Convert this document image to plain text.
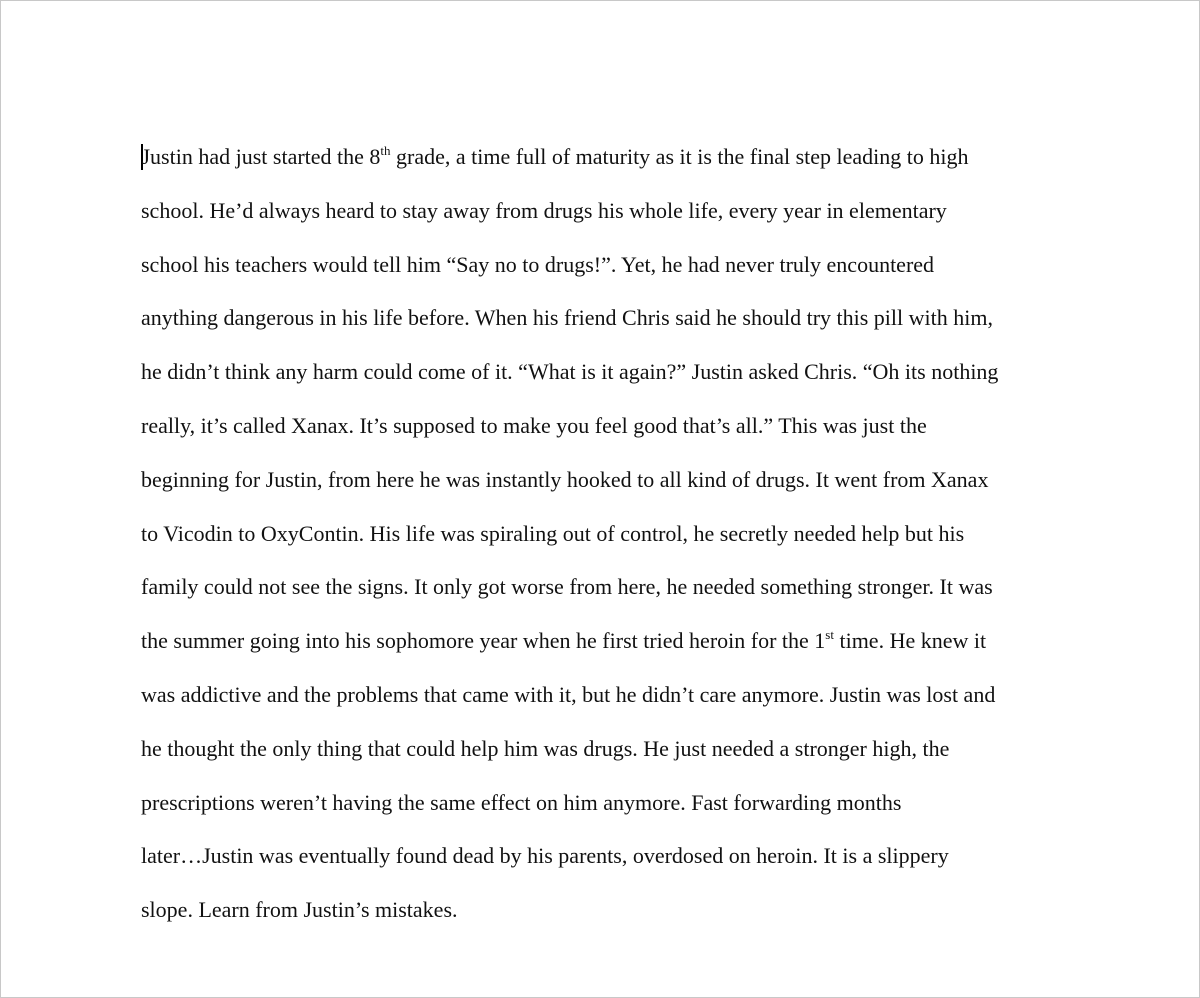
Justin had just started the 8th grade, a time full of maturity as it is the final step leading to high
school. He’d always heard to stay away from drugs his whole life, every year in elementary
school his teachers would tell him “Say no to drugs!”. Yet, he had never truly encountered
anything dangerous in his life before. When his friend Chris said he should try this pill with him,
he didn’t think any harm could come of it. “What is it again?” Justin asked Chris. “Oh its nothing
really, it’s called Xanax. It’s supposed to make you feel good that’s all.” This was just the
beginning for Justin, from here he was instantly hooked to all kind of drugs. It went from Xanax
to Vicodin to OxyContin. His life was spiraling out of control, he secretly needed help but his
family could not see the signs. It only got worse from here, he needed something stronger. It was
the summer going into his sophomore year when he first tried heroin for the 1st time. He knew it
was addictive and the problems that came with it, but he didn’t care anymore. Justin was lost and
he thought the only thing that could help him was drugs. He just needed a stronger high, the
prescriptions weren’t having the same effect on him anymore. Fast forwarding months
later…Justin was eventually found dead by his parents, overdosed on heroin. It is a slippery
slope. Learn from Justin’s mistakes.
